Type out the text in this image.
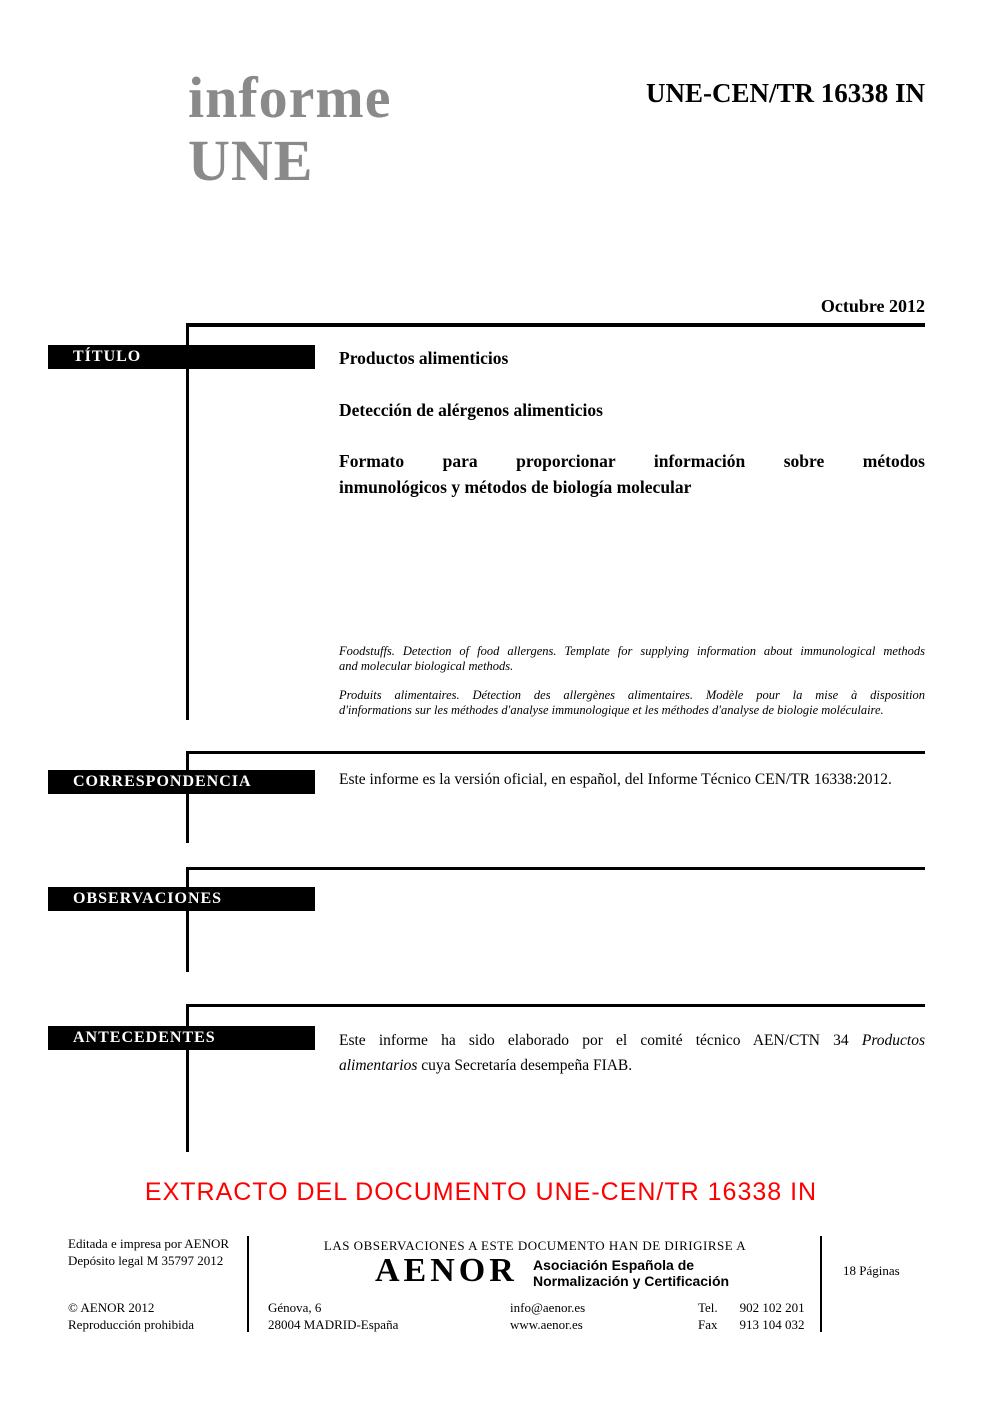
informe
UNE
UNE-CEN/TR 16338 IN
Octubre 2012
TÍTULO
CORRESPONDENCIA
OBSERVACIONES
ANTECEDENTES
Productos alimenticios
Detección de alérgenos alimenticios
Formato para proporcionar información sobre métodos
inmunológicos y métodos de biología molecular
Foodstuffs. Detection of food allergens. Template for supplying information about immunological methods
and molecular biological methods.
Produits alimentaires. Détection des allergènes alimentaires. Modèle pour la mise à disposition
d'informations sur les méthodes d'analyse immunologique et les méthodes d'analyse de biologie moléculaire.
Este informe es la versión oficial, en español, del Informe Técnico CEN/TR 16338:2012.
Este informe ha sido elaborado por el comité técnico AEN/CTN 34 Productos
alimentarios cuya Secretaría desempeña FIAB.
EXTRACTO DEL DOCUMENTO UNE-CEN/TR 16338 IN
Editada e impresa por AENOR
Depósito legal M 35797 2012
© AENOR 2012
Reproducción prohibida
LAS OBSERVACIONES A ESTE DOCUMENTO HAN DE DIRIGIRSE A
AENOR Asociación Española de
Normalización y Certificación
Génova, 6
28004 MADRID-España
info@aenor.es
www.aenor.es
Tel. 902 102 201
Fax 913 104 032
18 Páginas
